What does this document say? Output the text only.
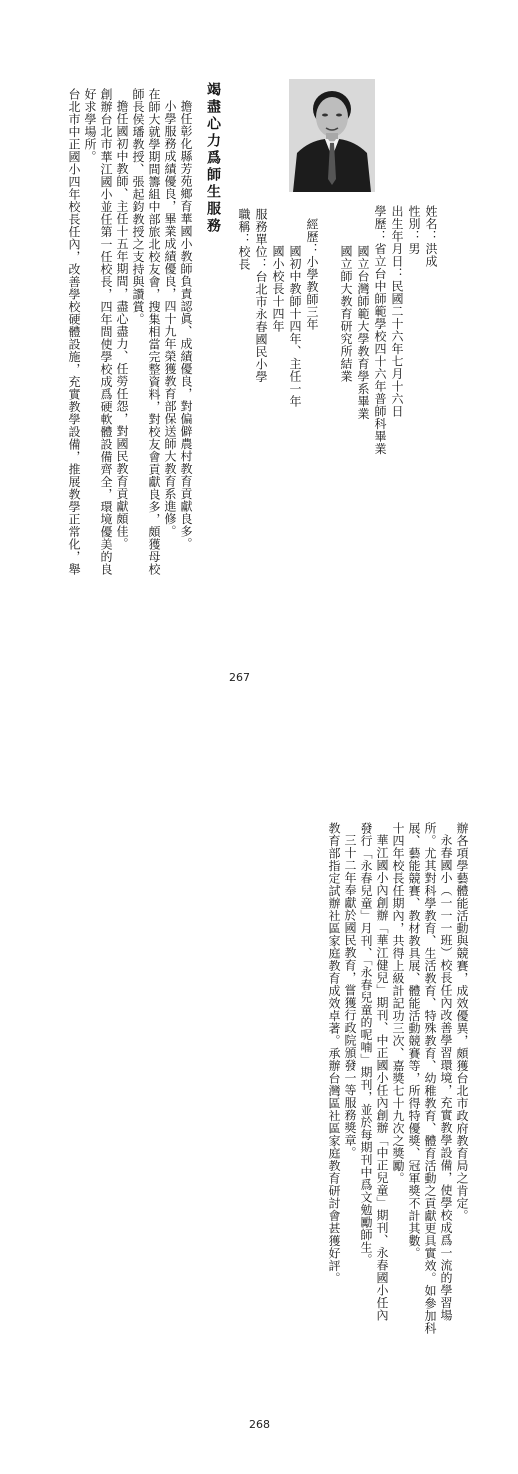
姓名：洪成
性別：男
出生年月日：民國二十六年七月十六日
學歷：省立台中師範學校四十六年普師科畢業
國立台灣師範大學教育學系畢業
國立師大教育研究所結業
經歷：小學教師三年
國初中教師十四年、主任一年
國小校長十四年
服務單位：台北市永春國民小學
職稱：校長
竭盡心力爲師生服務
擔任彰化縣芳苑鄉育華國小教師負責認眞、成績優良，對偏僻農村教育貢獻良多。
小學服務成績優良，畢業成績優良，四十九年榮獲教育部保送師大教育系進修。
在師大就學期間籌組中部旅北校友會，搜集相當完整資料，對校友會貢獻良多，頗獲母校
師長侯璠教授、張起鈞教授之支持與讚賞。
擔任國初中教師、主任十五年期間，盡心盡力、任勞任怨，對國民教育貢獻頗佳。
創辦台北市華江國小並任第一任校長，四年間使學校成爲硬軟體設備齊全，環境優美的良
好求學場所。
台北市中正國小四年校長任內，改善學校硬體設施，充實教學設備，推展教學正常化，舉
267
辦各項學藝體能活動與競賽，成效優異，頗獲台北市政府教育局之肯定。
永春國小（一一一班）校長任內改善學習環境，充實教學設備，使學校成爲一流的學習場
所。尤其對科學教育、生活教育、特殊教育、幼稚教育、體育活動之貢獻更具實效。如參加科
展、藝能競賽、教材教具展、體能活動競賽等，所得特優獎、冠軍獎不計其數。
十四年校長任期內，共得上級計記功三次、嘉獎七十九次之獎勵。
華江國小內創辦「華江健兒」期刊、中正國小任內創辦「中正兒童」期刊、永春國小任內
發行「永春兒童」月刊、「永春兒童的呢喃」期刊，並於每期刊中爲文勉勵師生。
三十二年奉獻於國民教育，嘗獲行政院頒發一等服務獎章。
教育部指定試辦社區家庭教育成效卓著。承辦台灣區社區家庭教育研討會甚獲好評。
268
